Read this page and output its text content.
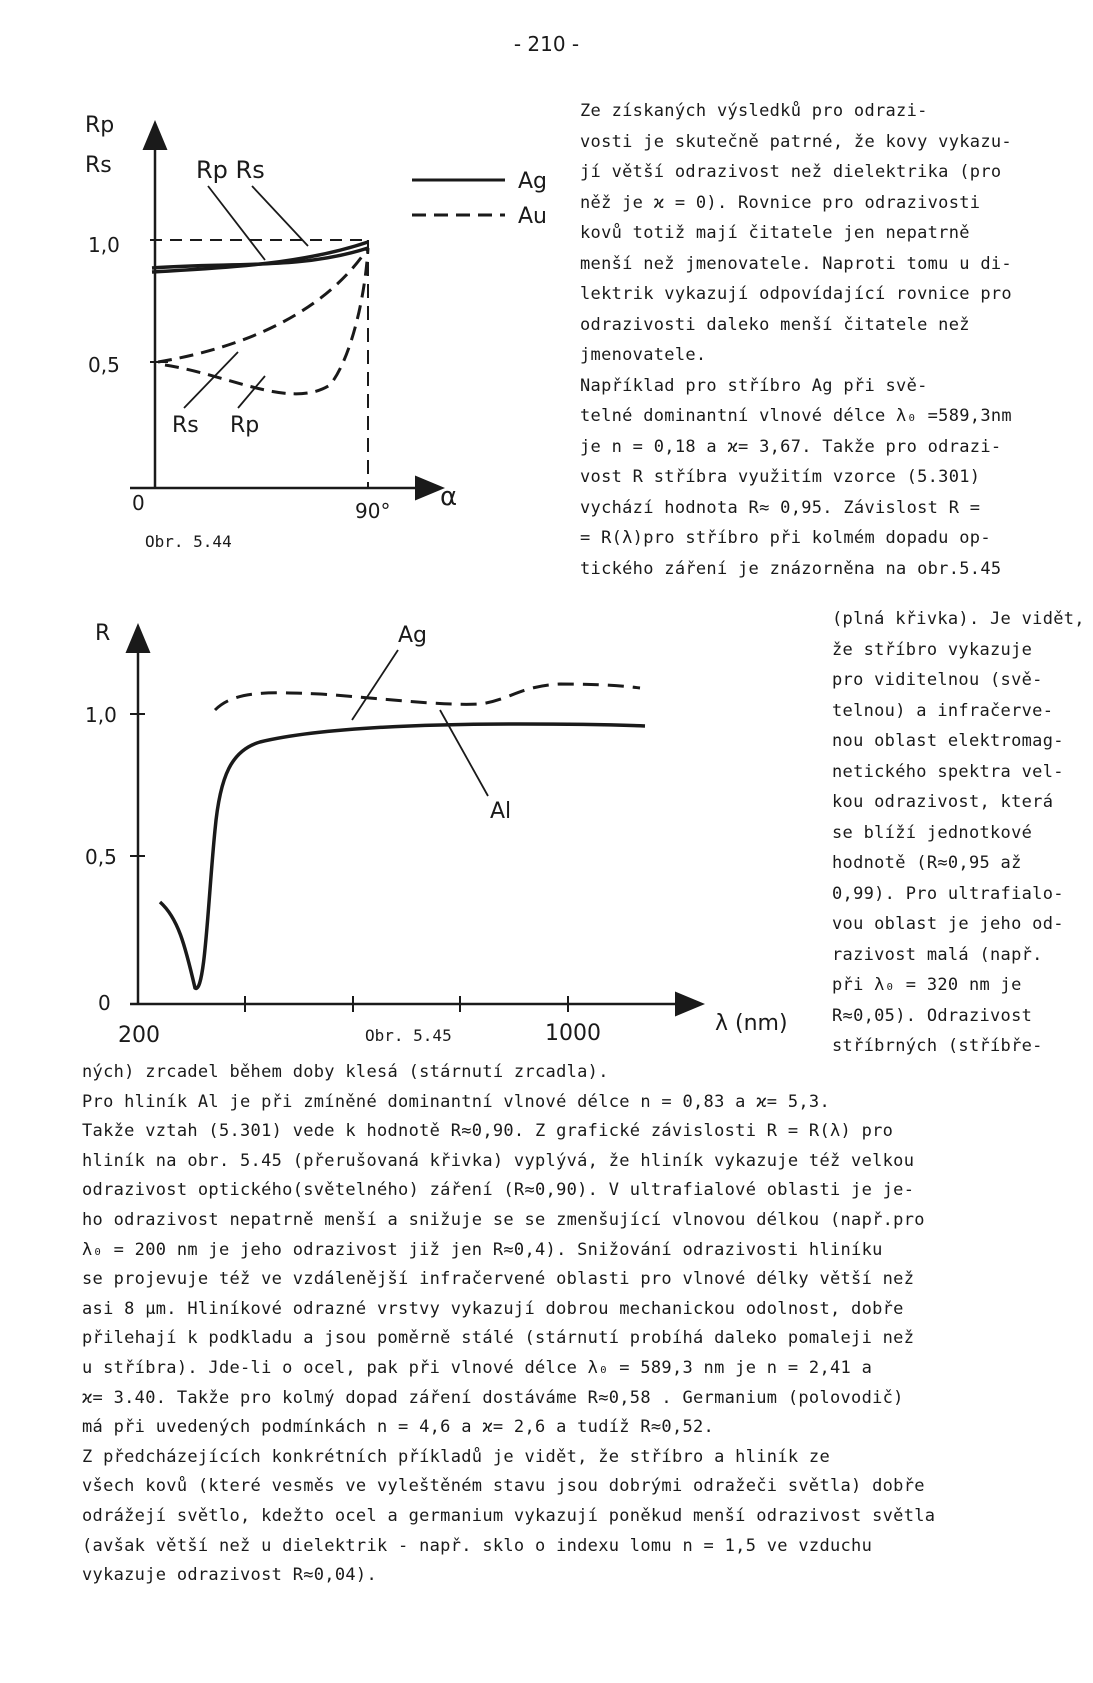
- 210 -
Rp
Rs
1,0
0,5
0	90° α
Rp Rs
Rs Rp
Ag
Au
Obr. 5.44
R
1,0
0,5
0
200	1000	λ (nm)
Ag
Al
Obr. 5.45
Ze získaných výsledků pro odrazi-
vosti je skutečně patrné, že kovy vykazu-
jí větší odrazivost než dielektrika (pro
něž je ϰ = 0). Rovnice pro odrazivosti
kovů totiž mají čitatele jen nepatrně
menší než jmenovatele. Naproti tomu u di-
lektrik vykazují odpovídající rovnice pro
odrazivosti daleko menší čitatele než
jmenovatele.
Například pro stříbro Ag při svě-
telné dominantní vlnové délce λ₀ =589,3nm
je n = 0,18 a ϰ= 3,67. Takže pro odrazi-
vost R stříbra využitím vzorce (5.301)
vychází hodnota R≈ 0,95. Závislost R =
= R(λ)pro stříbro při kolmém dopadu op-
tického záření je znázorněna na obr.5.45
(plná křivka). Je vidět,
že stříbro vykazuje
pro viditelnou (svě-
telnou) a infračerve-
nou oblast elektromag-
netického spektra vel-
kou odrazivost, která
se blíží jednotkové
hodnotě (R≈0,95 až
0,99). Pro ultrafialo-
vou oblast je jeho od-
razivost malá (např.
při λ₀ = 320 nm je
R≈0,05). Odrazivost
stříbrných (stříbře-
ných) zrcadel během doby klesá (stárnutí zrcadla).
Pro hliník Al je při zmíněné dominantní vlnové délce n = 0,83 a ϰ= 5,3.
Takže vztah (5.301) vede k hodnotě R≈0,90. Z grafické závislosti R = R(λ) pro
hliník na obr. 5.45 (přerušovaná křivka) vyplývá, že hliník vykazuje též velkou
odrazivost optického(světelného) záření (R≈0,90). V ultrafialové oblasti je je-
ho odrazivost nepatrně menší a snižuje se se zmenšující vlnovou délkou (např.pro
λ₀ = 200 nm je jeho odrazivost již jen R≈0,4). Snižování odrazivosti hliníku
se projevuje též ve vzdálenější infračervené oblasti pro vlnové délky větší než
asi 8 μm. Hliníkové odrazné vrstvy vykazují dobrou mechanickou odolnost, dobře
přilehají k podkladu a jsou poměrně stálé (stárnutí probíhá daleko pomaleji než
u stříbra). Jde-li o ocel, pak při vlnové délce λ₀ = 589,3 nm je n = 2,41 a
ϰ= 3.40. Takže pro kolmý dopad záření dostáváme R≈0,58 . Germanium (polovodič)
má při uvedených podmínkách n = 4,6 a ϰ= 2,6 a tudíž R≈0,52.
Z předcházejících konkrétních příkladů je vidět, že stříbro a hliník ze
všech kovů (které vesměs ve vyleštěném stavu jsou dobrými odražeči světla) dobře
odrážejí světlo, kdežto ocel a germanium vykazují poněkud menší odrazivost světla
(avšak větší než u dielektrik - např. sklo o indexu lomu n = 1,5 ve vzduchu
vykazuje odrazivost R≈0,04).
